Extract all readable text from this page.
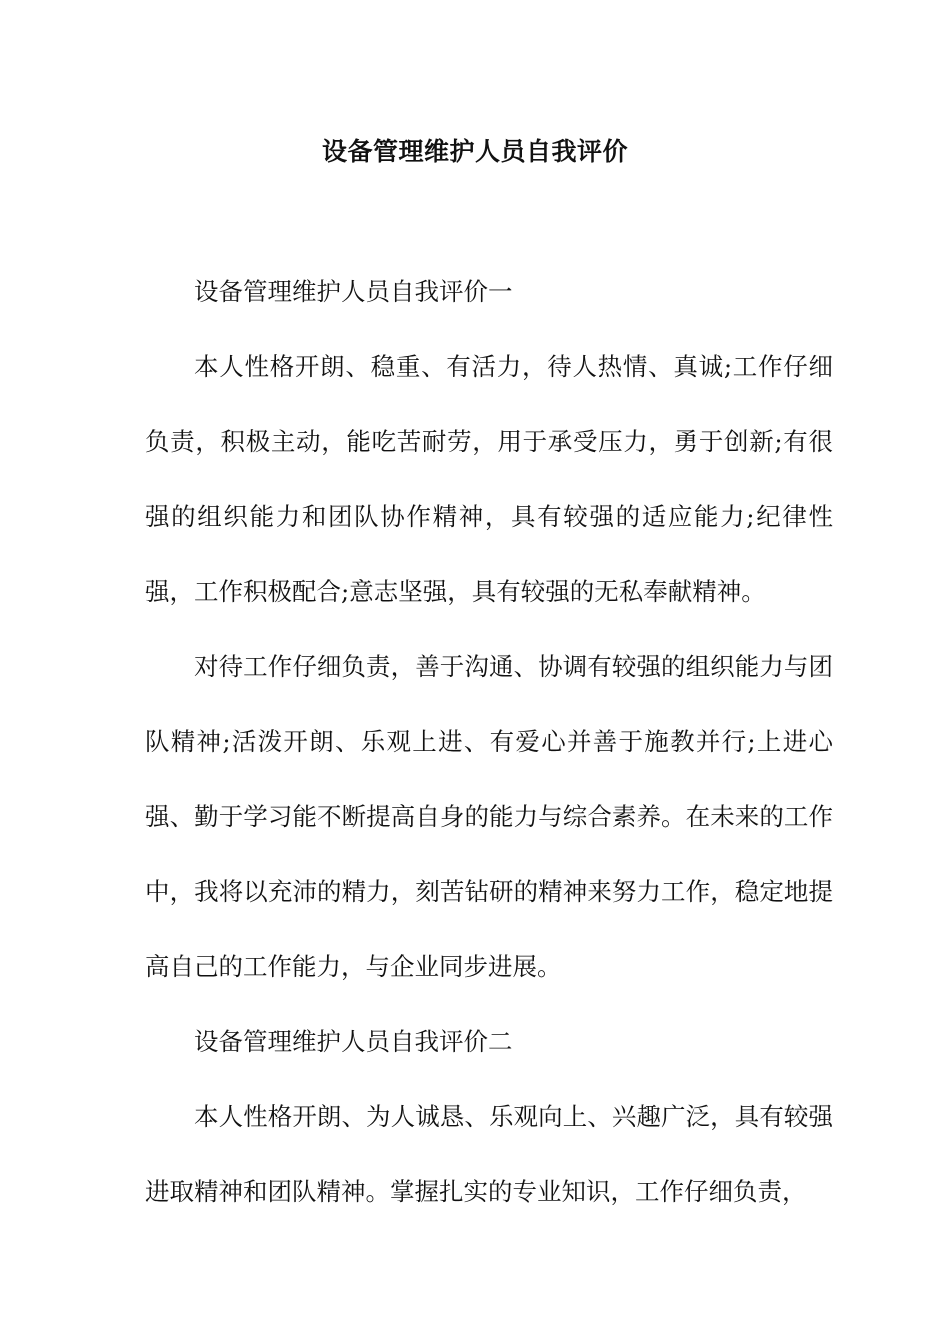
设备管理维护人员自我评价

设备管理维护人员自我评价一

本人性格开朗、稳重、有活力，待人热情、真诚;工作仔细负责，积极主动，能吃苦耐劳，用于承受压力，勇于创新;有很强的组织能力和团队协作精神，具有较强的适应能力;纪律性强，工作积极配合;意志坚强，具有较强的无私奉献精神。

对待工作仔细负责，善于沟通、协调有较强的组织能力与团队精神;活泼开朗、乐观上进、有爱心并善于施教并行;上进心强、勤于学习能不断提高自身的能力与综合素养。在未来的工作中，我将以充沛的精力，刻苦钻研的精神来努力工作，稳定地提高自己的工作能力，与企业同步进展。

设备管理维护人员自我评价二

本人性格开朗、为人诚恳、乐观向上、兴趣广泛，具有较强进取精神和团队精神。掌握扎实的专业知识，工作仔细负责，
